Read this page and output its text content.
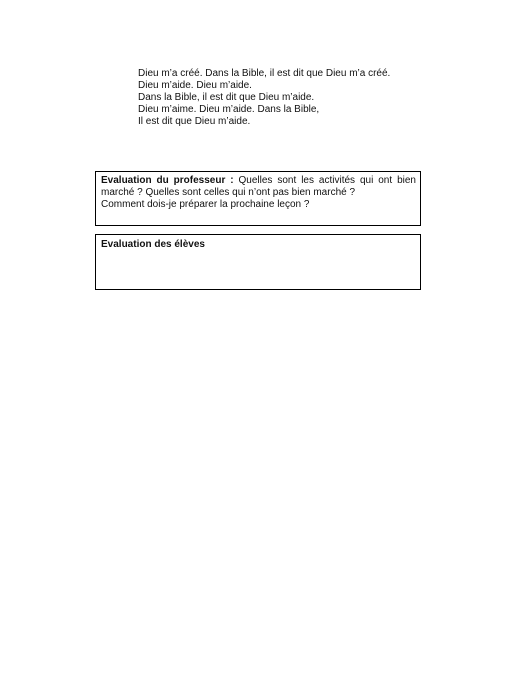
Dieu m’a créé. Dans la Bible, il est dit que Dieu m’a créé.
Dieu m’aide. Dieu m’aide.
Dans la Bible, il est dit que Dieu m’aide.
Dieu m’aime. Dieu m’aide. Dans la Bible,
Il est dit que Dieu m’aide.
Evaluation du professeur : Quelles sont les activités qui ont bien marché ? Quelles sont celles qui n’ont pas bien marché ?
Comment dois-je préparer la prochaine leçon ?
Evaluation des élèves
